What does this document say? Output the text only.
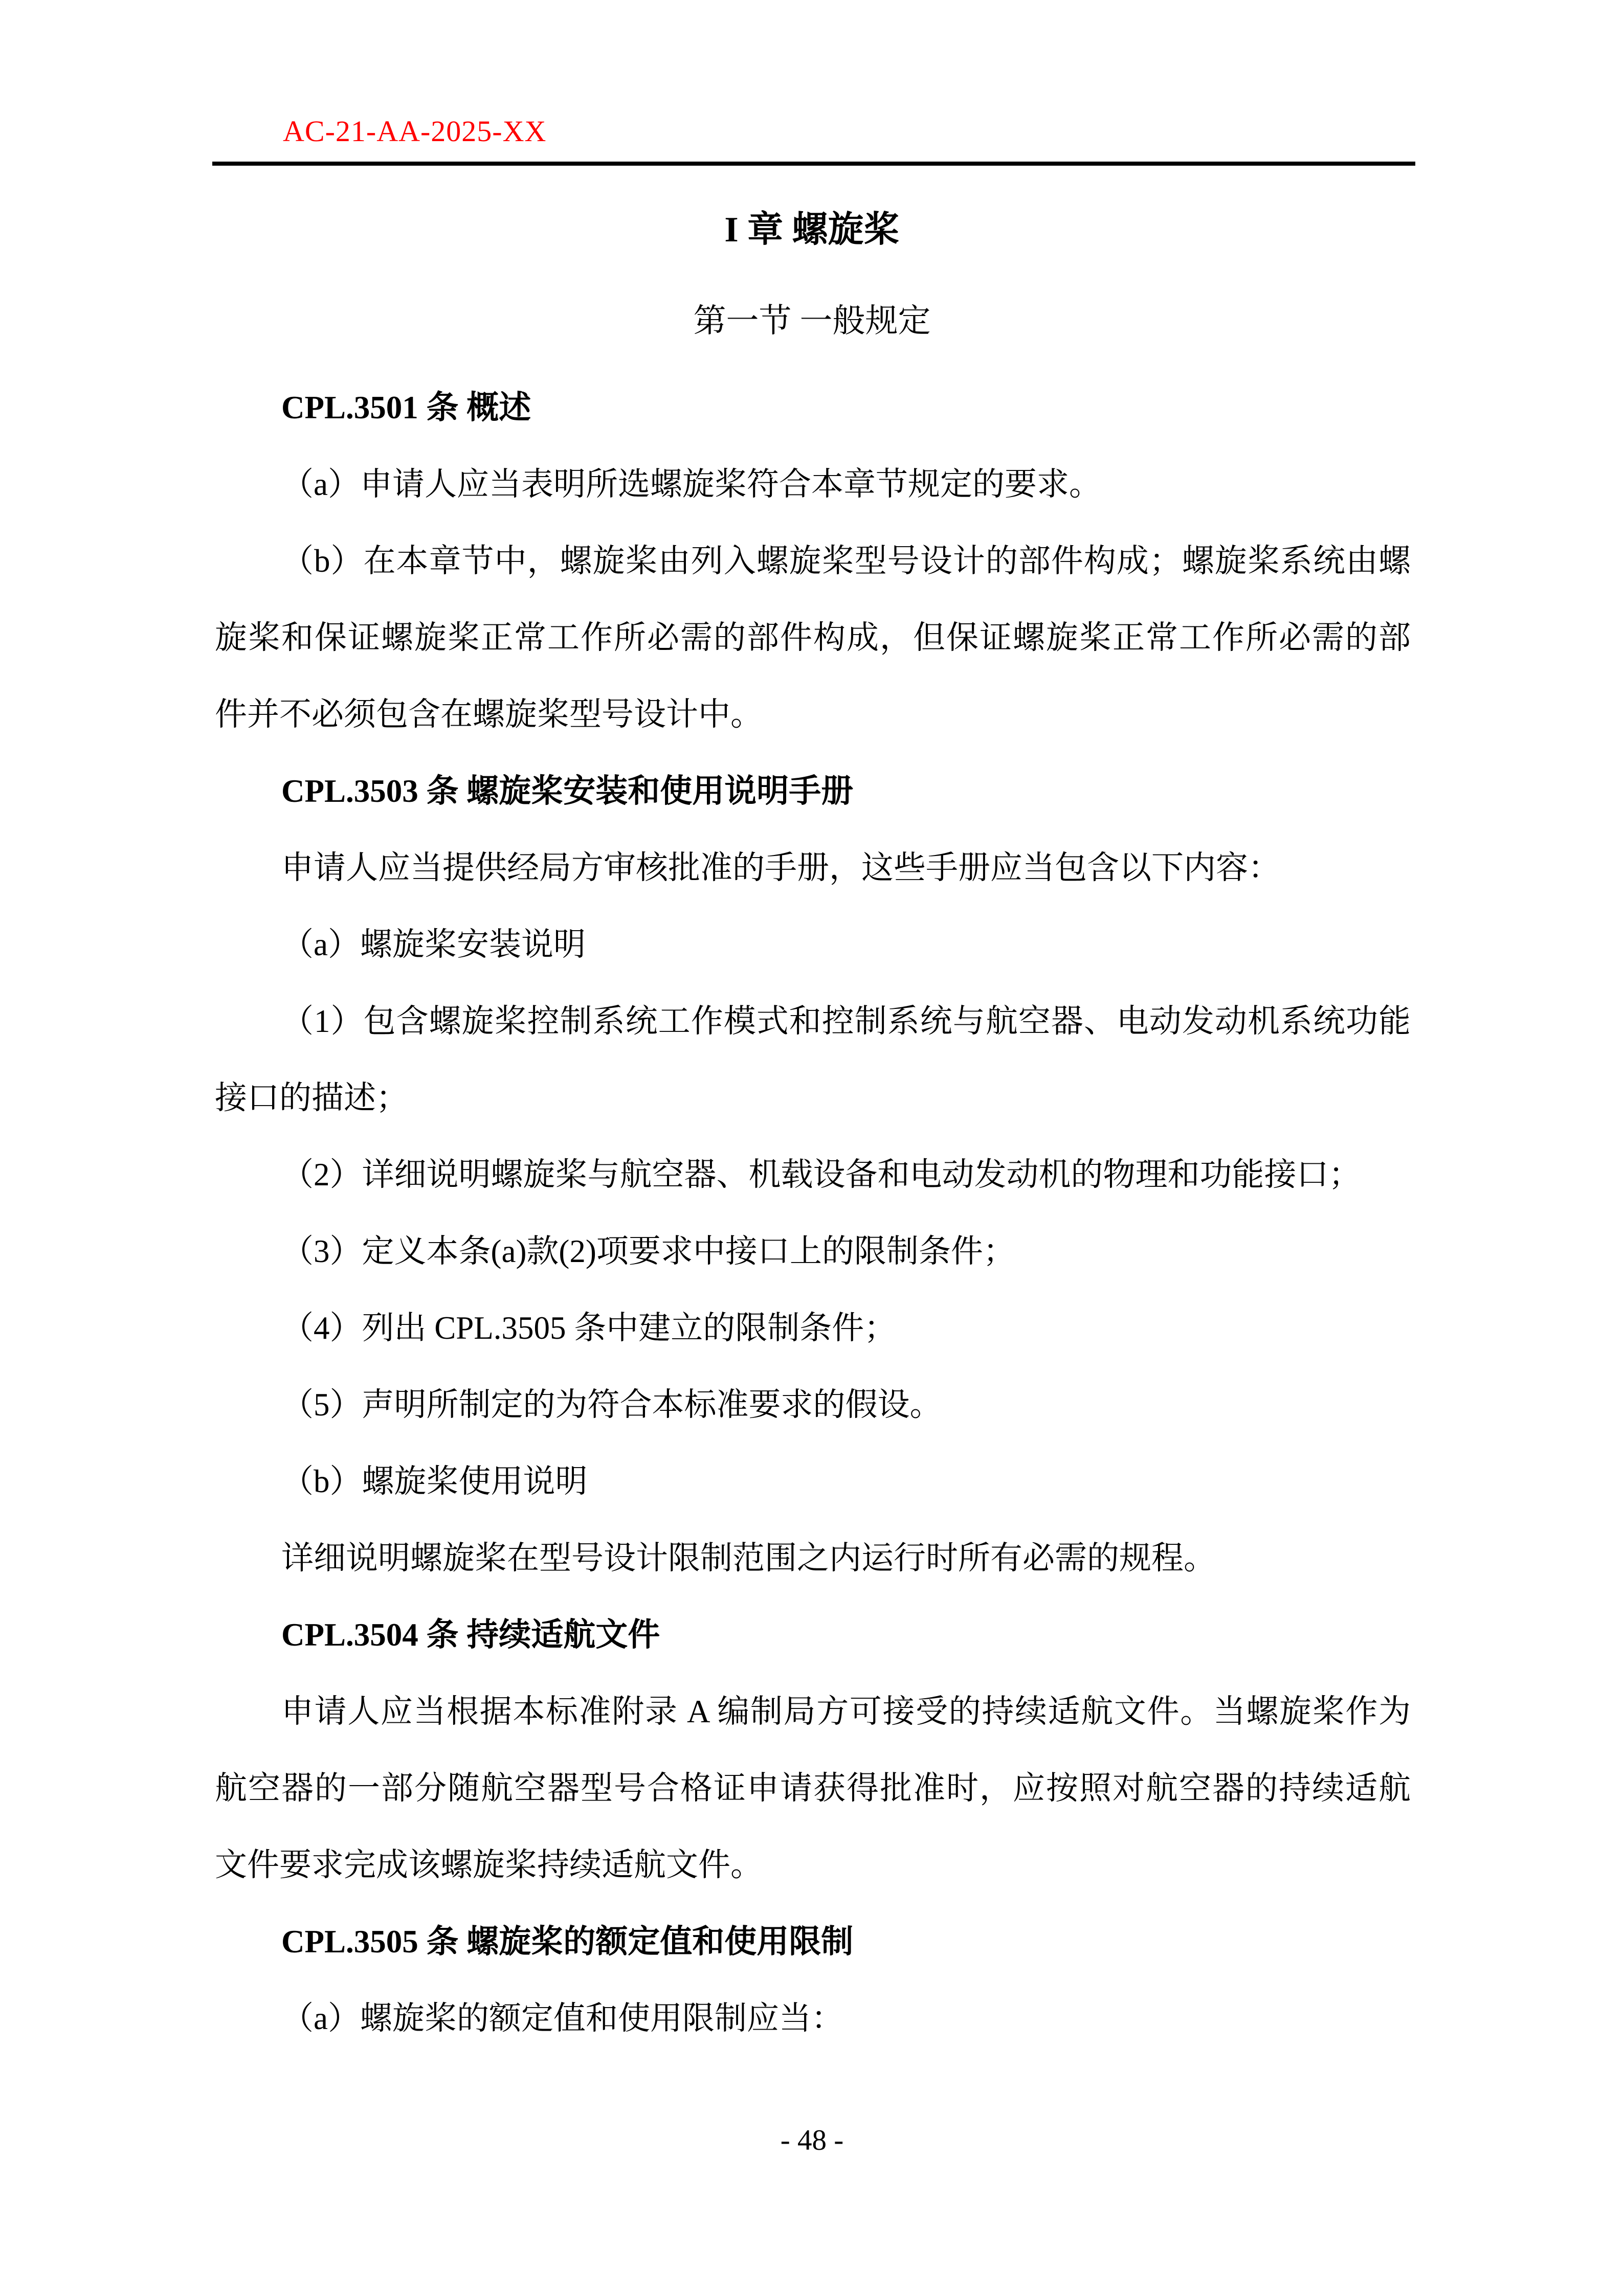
AC-21-AA-2025-XX
I 章 螺旋桨
第一节 一般规定
CPL.3501 条 概述
（a）申请人应当表明所选螺旋桨符合本章节规定的要求。
（b）在本章节中，螺旋桨由列入螺旋桨型号设计的部件构成；螺旋桨系统由螺
旋桨和保证螺旋桨正常工作所必需的部件构成，但保证螺旋桨正常工作所必需的部
件并不必须包含在螺旋桨型号设计中。
CPL.3503 条 螺旋桨安装和使用说明手册
申请人应当提供经局方审核批准的手册，这些手册应当包含以下内容：
（a）螺旋桨安装说明
（1）包含螺旋桨控制系统工作模式和控制系统与航空器、电动发动机系统功能
接口的描述；
（2）详细说明螺旋桨与航空器、机载设备和电动发动机的物理和功能接口；
（3）定义本条(a)款(2)项要求中接口上的限制条件；
（4）列出 CPL.3505 条中建立的限制条件；
（5）声明所制定的为符合本标准要求的假设。
（b）螺旋桨使用说明
详细说明螺旋桨在型号设计限制范围之内运行时所有必需的规程。
CPL.3504 条 持续适航文件
申请人应当根据本标准附录 A 编制局方可接受的持续适航文件。当螺旋桨作为
航空器的一部分随航空器型号合格证申请获得批准时，应按照对航空器的持续适航
文件要求完成该螺旋桨持续适航文件。
CPL.3505 条 螺旋桨的额定值和使用限制
（a）螺旋桨的额定值和使用限制应当：
- 48 -
